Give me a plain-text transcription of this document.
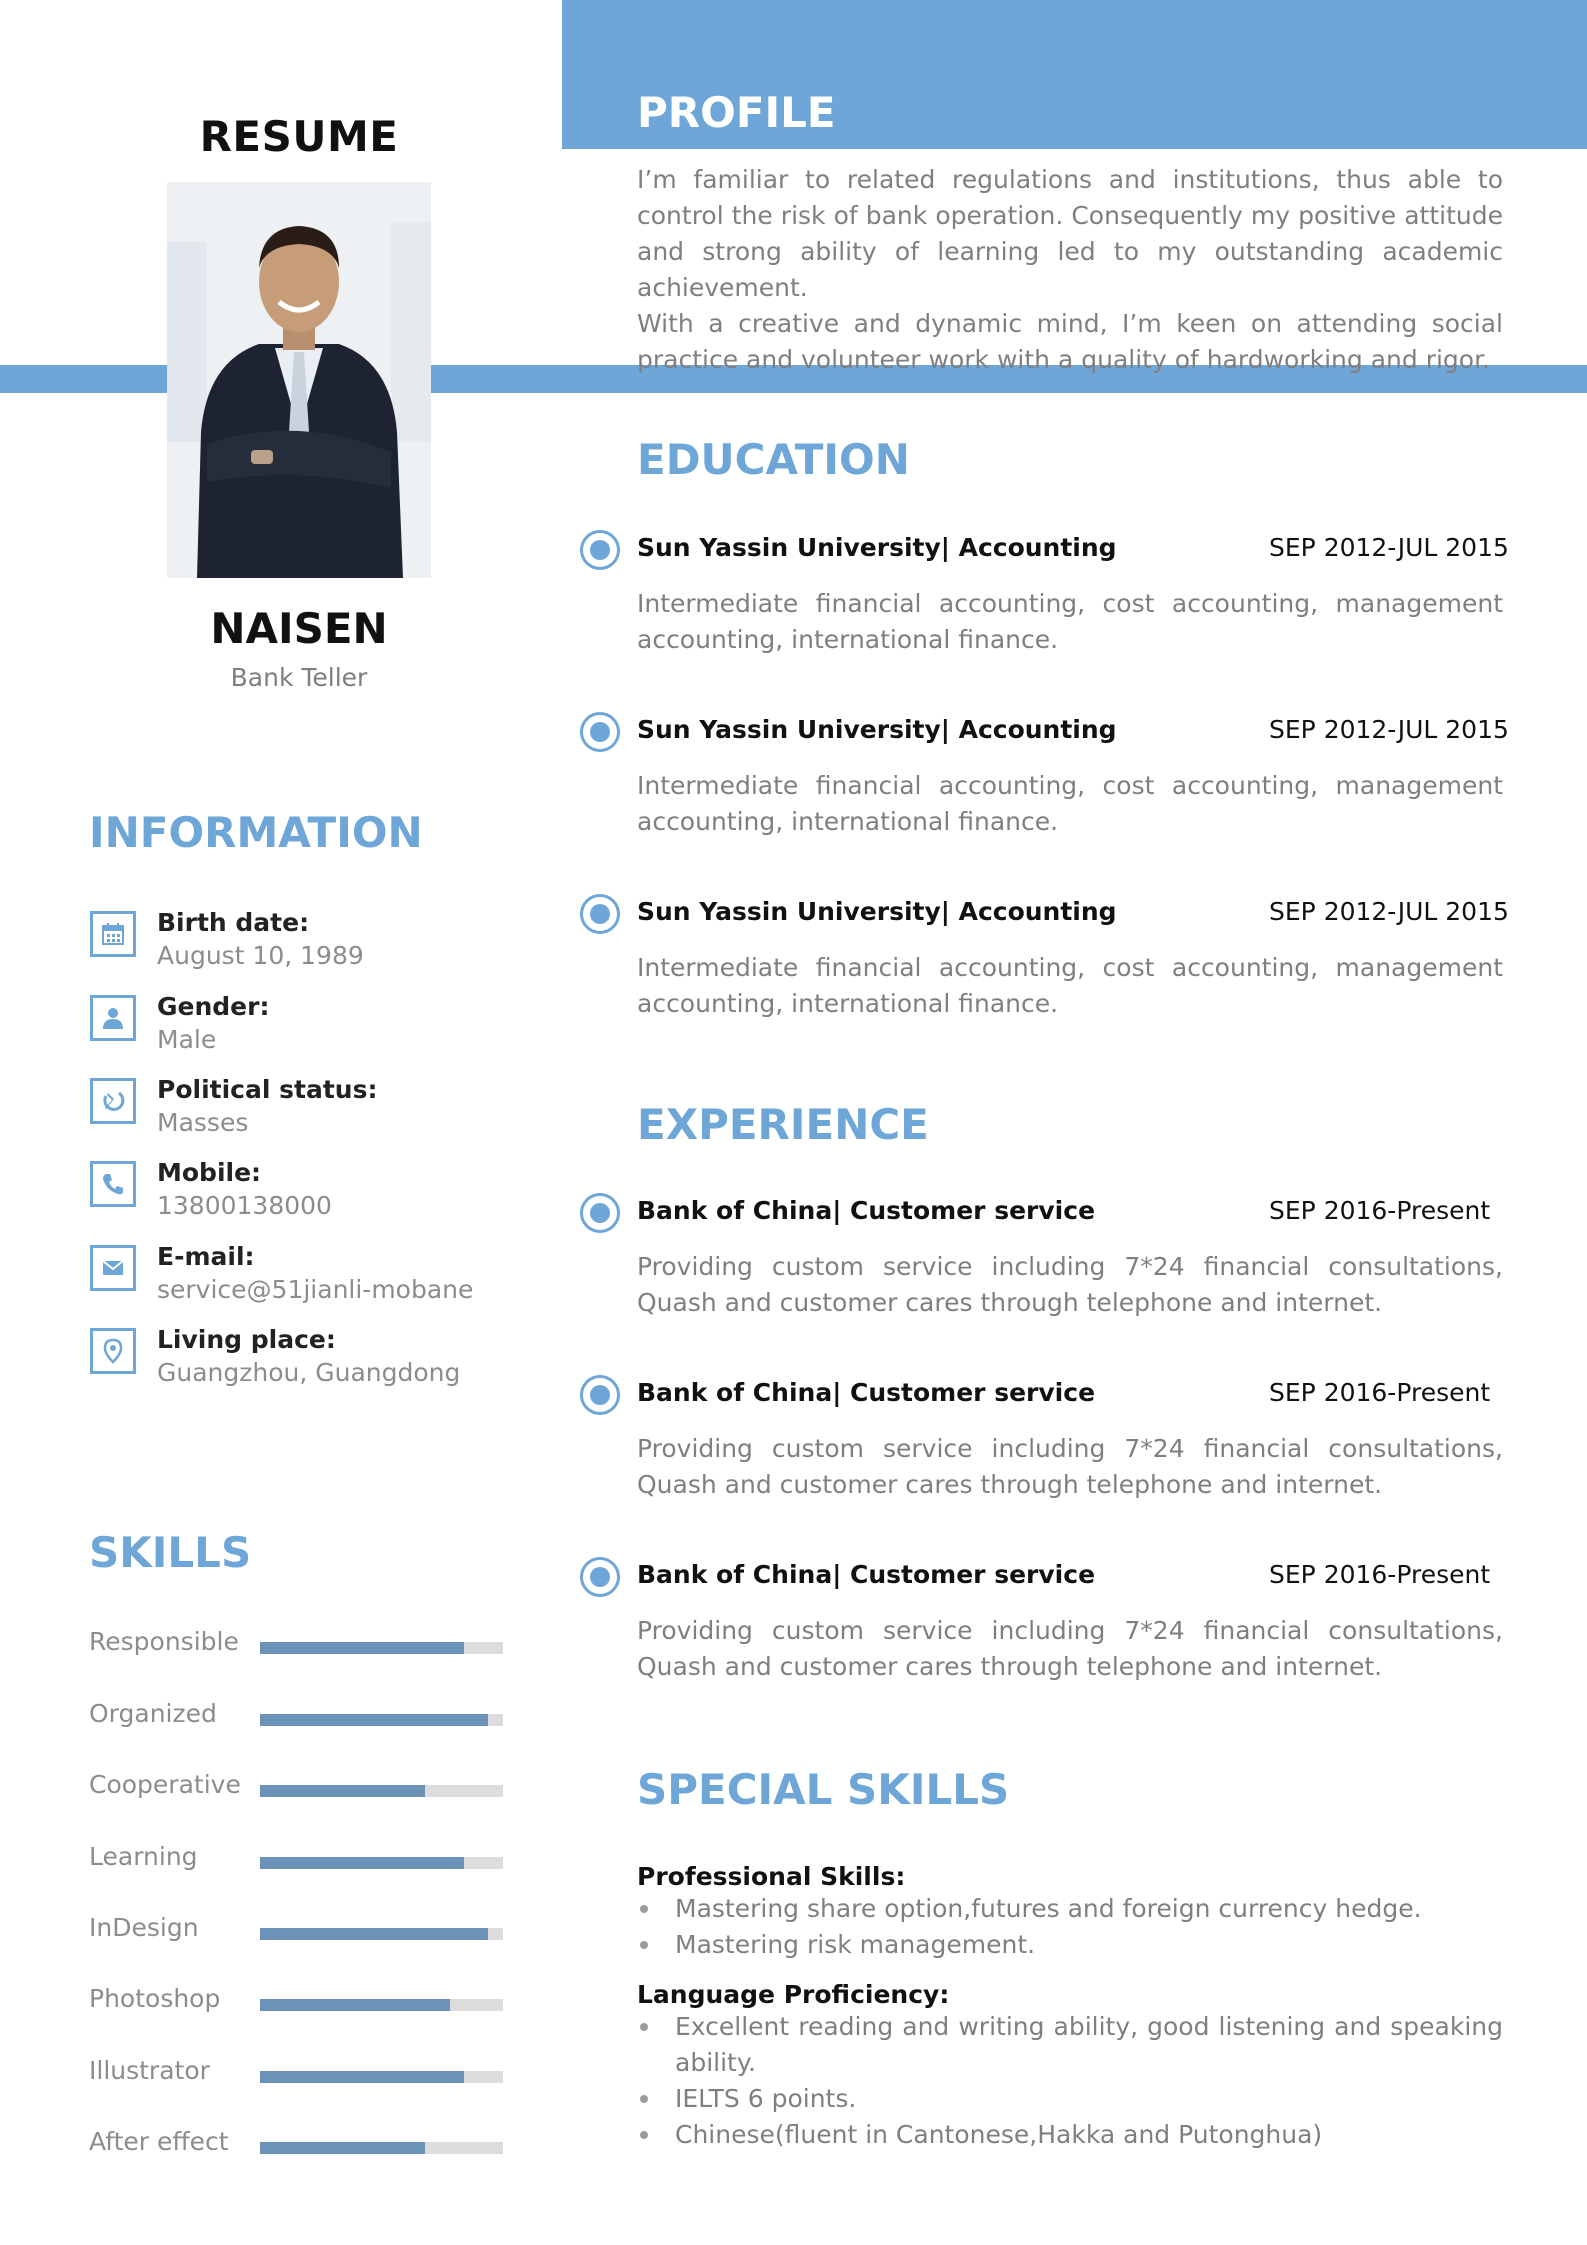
RESUME
NAISEN
Bank Teller
INFORMATION
Birth date:
August 10, 1989
Gender:
Male
Political status:
Masses
Mobile:
13800138000
E-mail:
service@51jianli-mobane
Living place:
Guangzhou, Guangdong
SKILLS
Responsible
Organized
Cooperative
Learning
InDesign
Photoshop
Illustrator
After effect
PROFILE
I’m familiar to related regulations and institutions, thus able to control the risk of bank operation. Consequently my positive attitude and strong ability of learning led to my outstanding academic achievement.
With a creative and dynamic mind, I’m keen on attending social practice and volunteer work with a quality of hardworking and rigor.
EDUCATION
Sun Yassin University| Accounting	SEP 2012-JUL 2015
Intermediate financial accounting, cost accounting, management accounting, international finance.
Sun Yassin University| Accounting	SEP 2012-JUL 2015
Intermediate financial accounting, cost accounting, management accounting, international finance.
Sun Yassin University| Accounting	SEP 2012-JUL 2015
Intermediate financial accounting, cost accounting, management accounting, international finance.
EXPERIENCE
Bank of China| Customer service	SEP 2016-Present
Providing custom service including 7*24 financial consultations, Quash and customer cares through telephone and internet.
Bank of China| Customer service	SEP 2016-Present
Providing custom service including 7*24 financial consultations, Quash and customer cares through telephone and internet.
Bank of China| Customer service	SEP 2016-Present
Providing custom service including 7*24 financial consultations, Quash and customer cares through telephone and internet.
SPECIAL SKILLS
Professional Skills:
Mastering share option,futures and foreign currency hedge.
Mastering risk management.
Language Proficiency:
Excellent reading and writing ability, good listening and speaking ability.
IELTS 6 points.
Chinese(fluent in Cantonese,Hakka and Putonghua)
